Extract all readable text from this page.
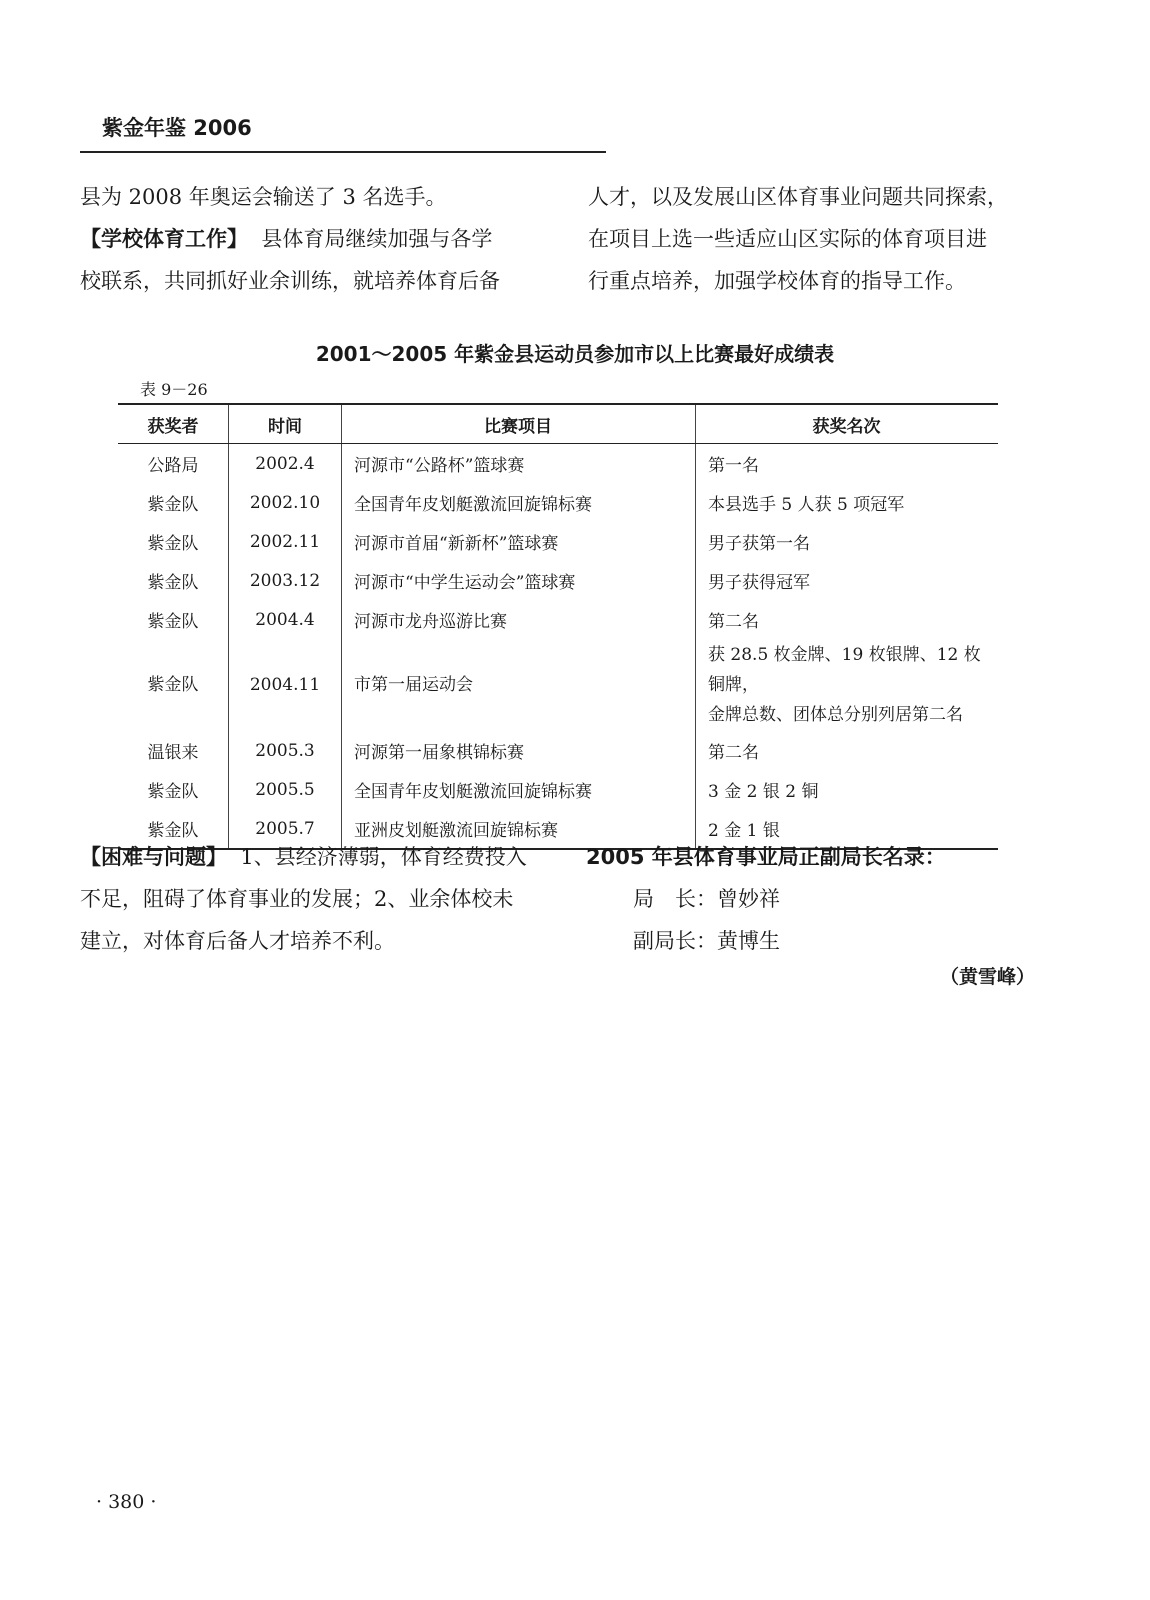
紫金年鉴 2006
县为 2008 年奥运会输送了 3 名选手。
【学校体育工作】 县体育局继续加强与各学
校联系，共同抓好业余训练，就培养体育后备
人才，以及发展山区体育事业问题共同探索，
在项目上选一些适应山区实际的体育项目进
行重点培养，加强学校体育的指导工作。
2001～2005 年紫金县运动员参加市以上比赛最好成绩表
表 9－26
获奖者	时间	比赛项目	获奖名次
公路局	2002.4	河源市“公路杯”篮球赛	第一名
紫金队	2002.10	全国青年皮划艇激流回旋锦标赛	本县选手 5 人获 5 项冠军
紫金队	2002.11	河源市首届“新新杯”篮球赛	男子获第一名
紫金队	2003.12	河源市“中学生运动会”篮球赛	男子获得冠军
紫金队	2004.4	河源市龙舟巡游比赛	第二名
紫金队	2004.11	市第一届运动会	获 28.5 枚金牌、19 枚银牌、12 枚铜牌，
金牌总数、团体总分别列居第二名

温银来	2005.3	河源第一届象棋锦标赛	第二名
紫金队	2005.5	全国青年皮划艇激流回旋锦标赛	3 金 2 银 2 铜
紫金队	2005.7	亚洲皮划艇激流回旋锦标赛	2 金 1 银
【困难与问题】 1、县经济薄弱，体育经费投入
不足，阻碍了体育事业的发展；2、业余体校未
建立，对体育后备人才培养不利。
2005 年县体育事业局正副局长名录：
局　长：曾妙祥
副局长：黄博生
（黄雪峰）
· 380 ·
